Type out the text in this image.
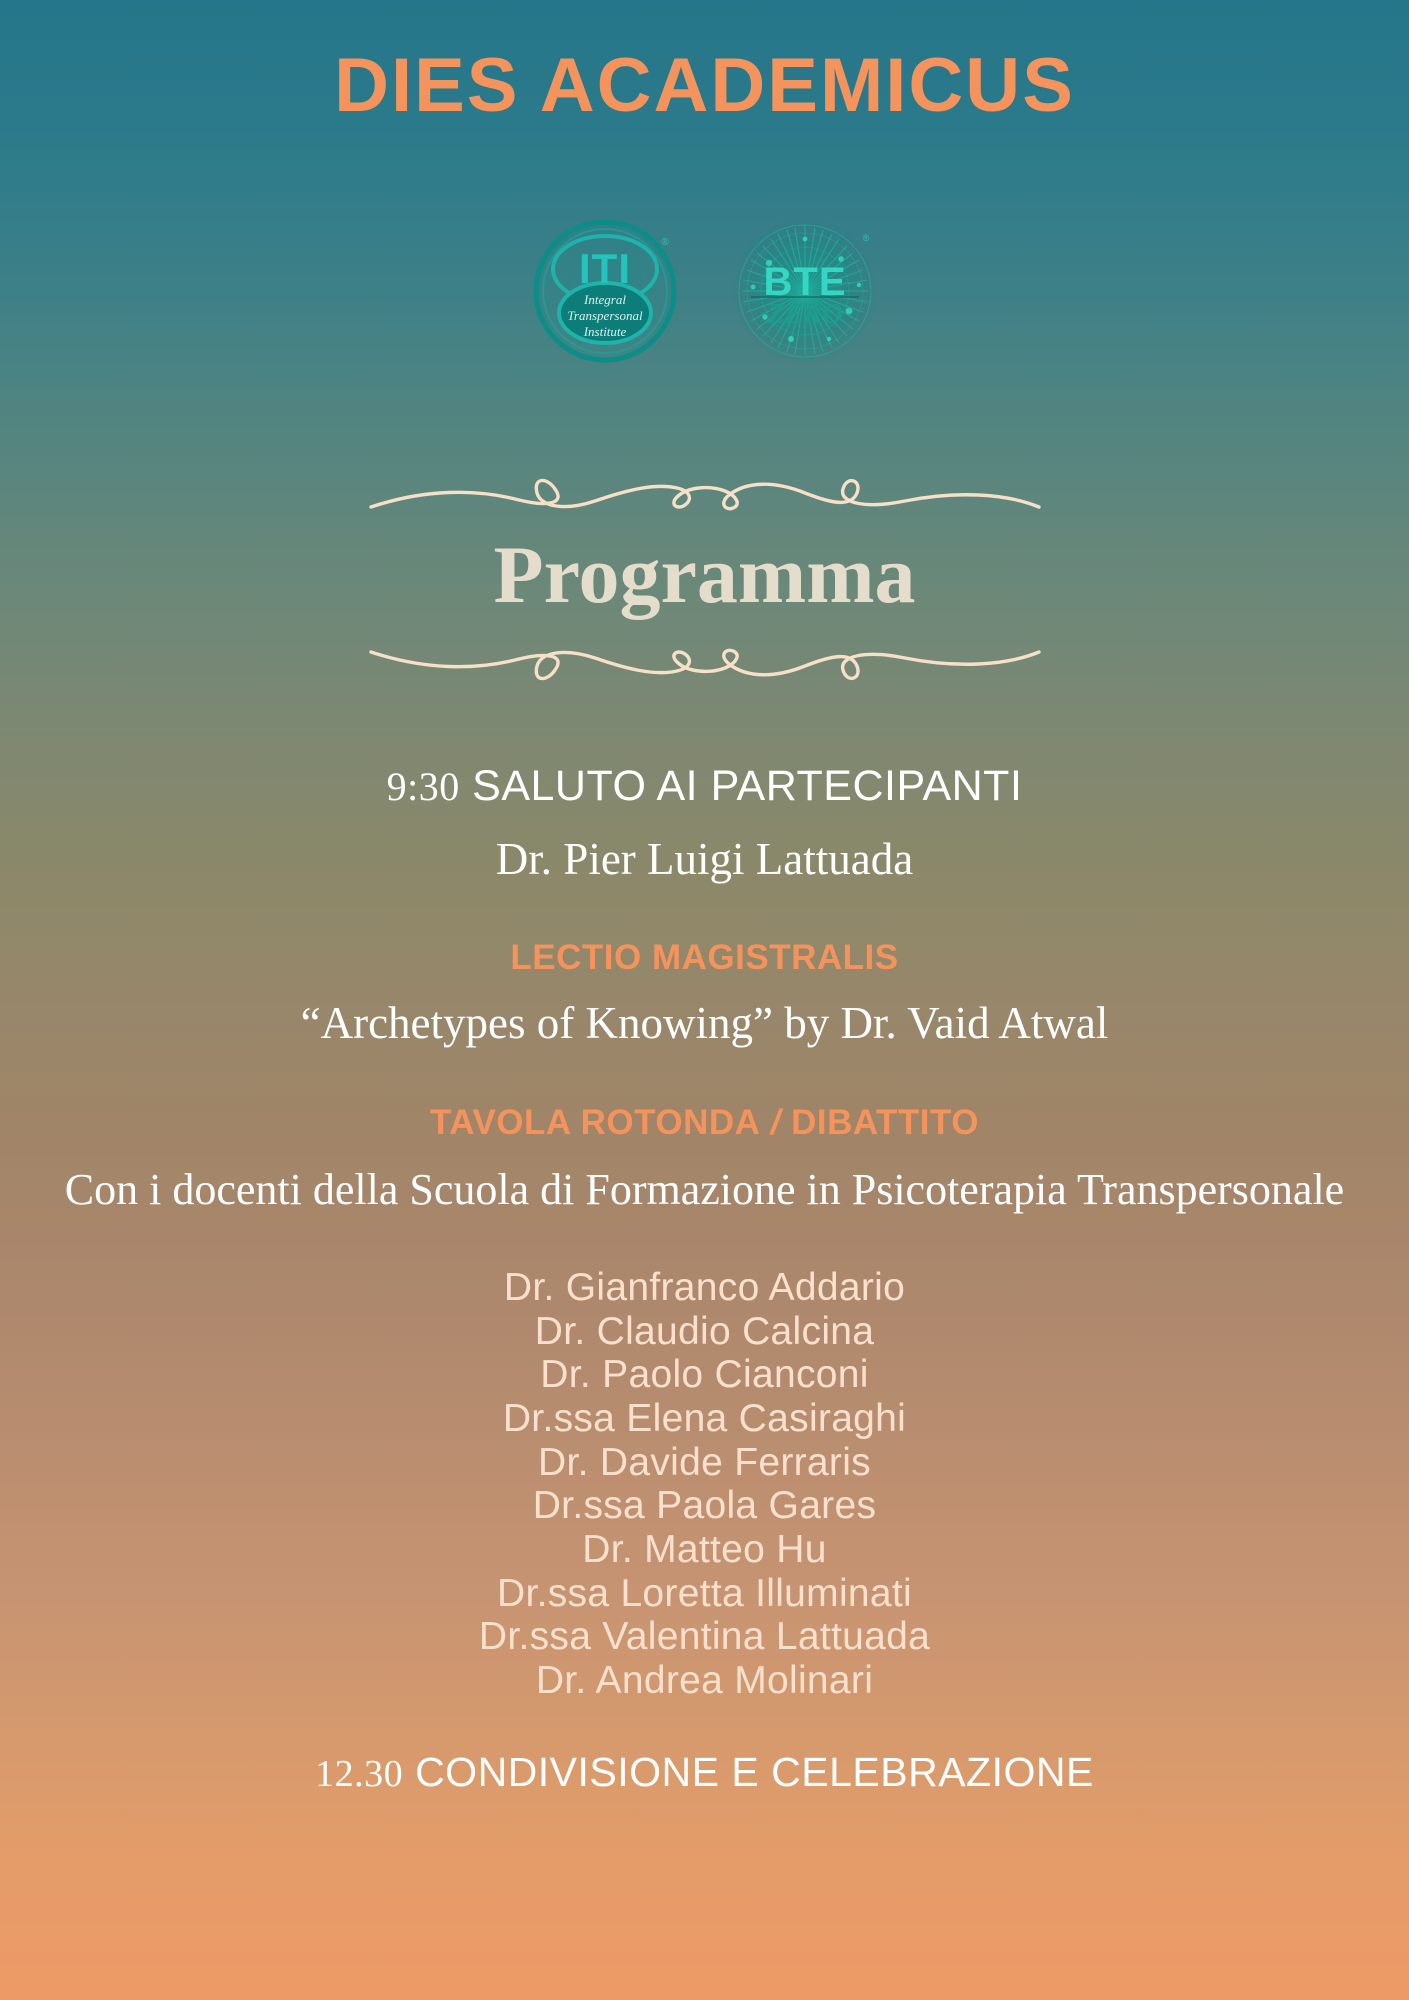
DIES ACADEMICUS
ITI
Integral
Transpersonal
Institute
®
BTE
ZERO
®
Programma
9:30 SALUTO AI PARTECIPANTI
Dr. Pier Luigi Lattuada
LECTIO MAGISTRALIS
“Archetypes of Knowing” by Dr. Vaid Atwal
TAVOLA ROTONDA / DIBATTITO
Con i docenti della Scuola di Formazione in Psicoterapia Transpersonale
Dr. Gianfranco Addario
Dr. Claudio Calcina
Dr. Paolo Cianconi
Dr.ssa Elena Casiraghi
Dr. Davide Ferraris
Dr.ssa Paola Gares
Dr. Matteo Hu
Dr.ssa Loretta Illuminati
Dr.ssa Valentina Lattuada
Dr. Andrea Molinari
12.30 CONDIVISIONE E CELEBRAZIONE
